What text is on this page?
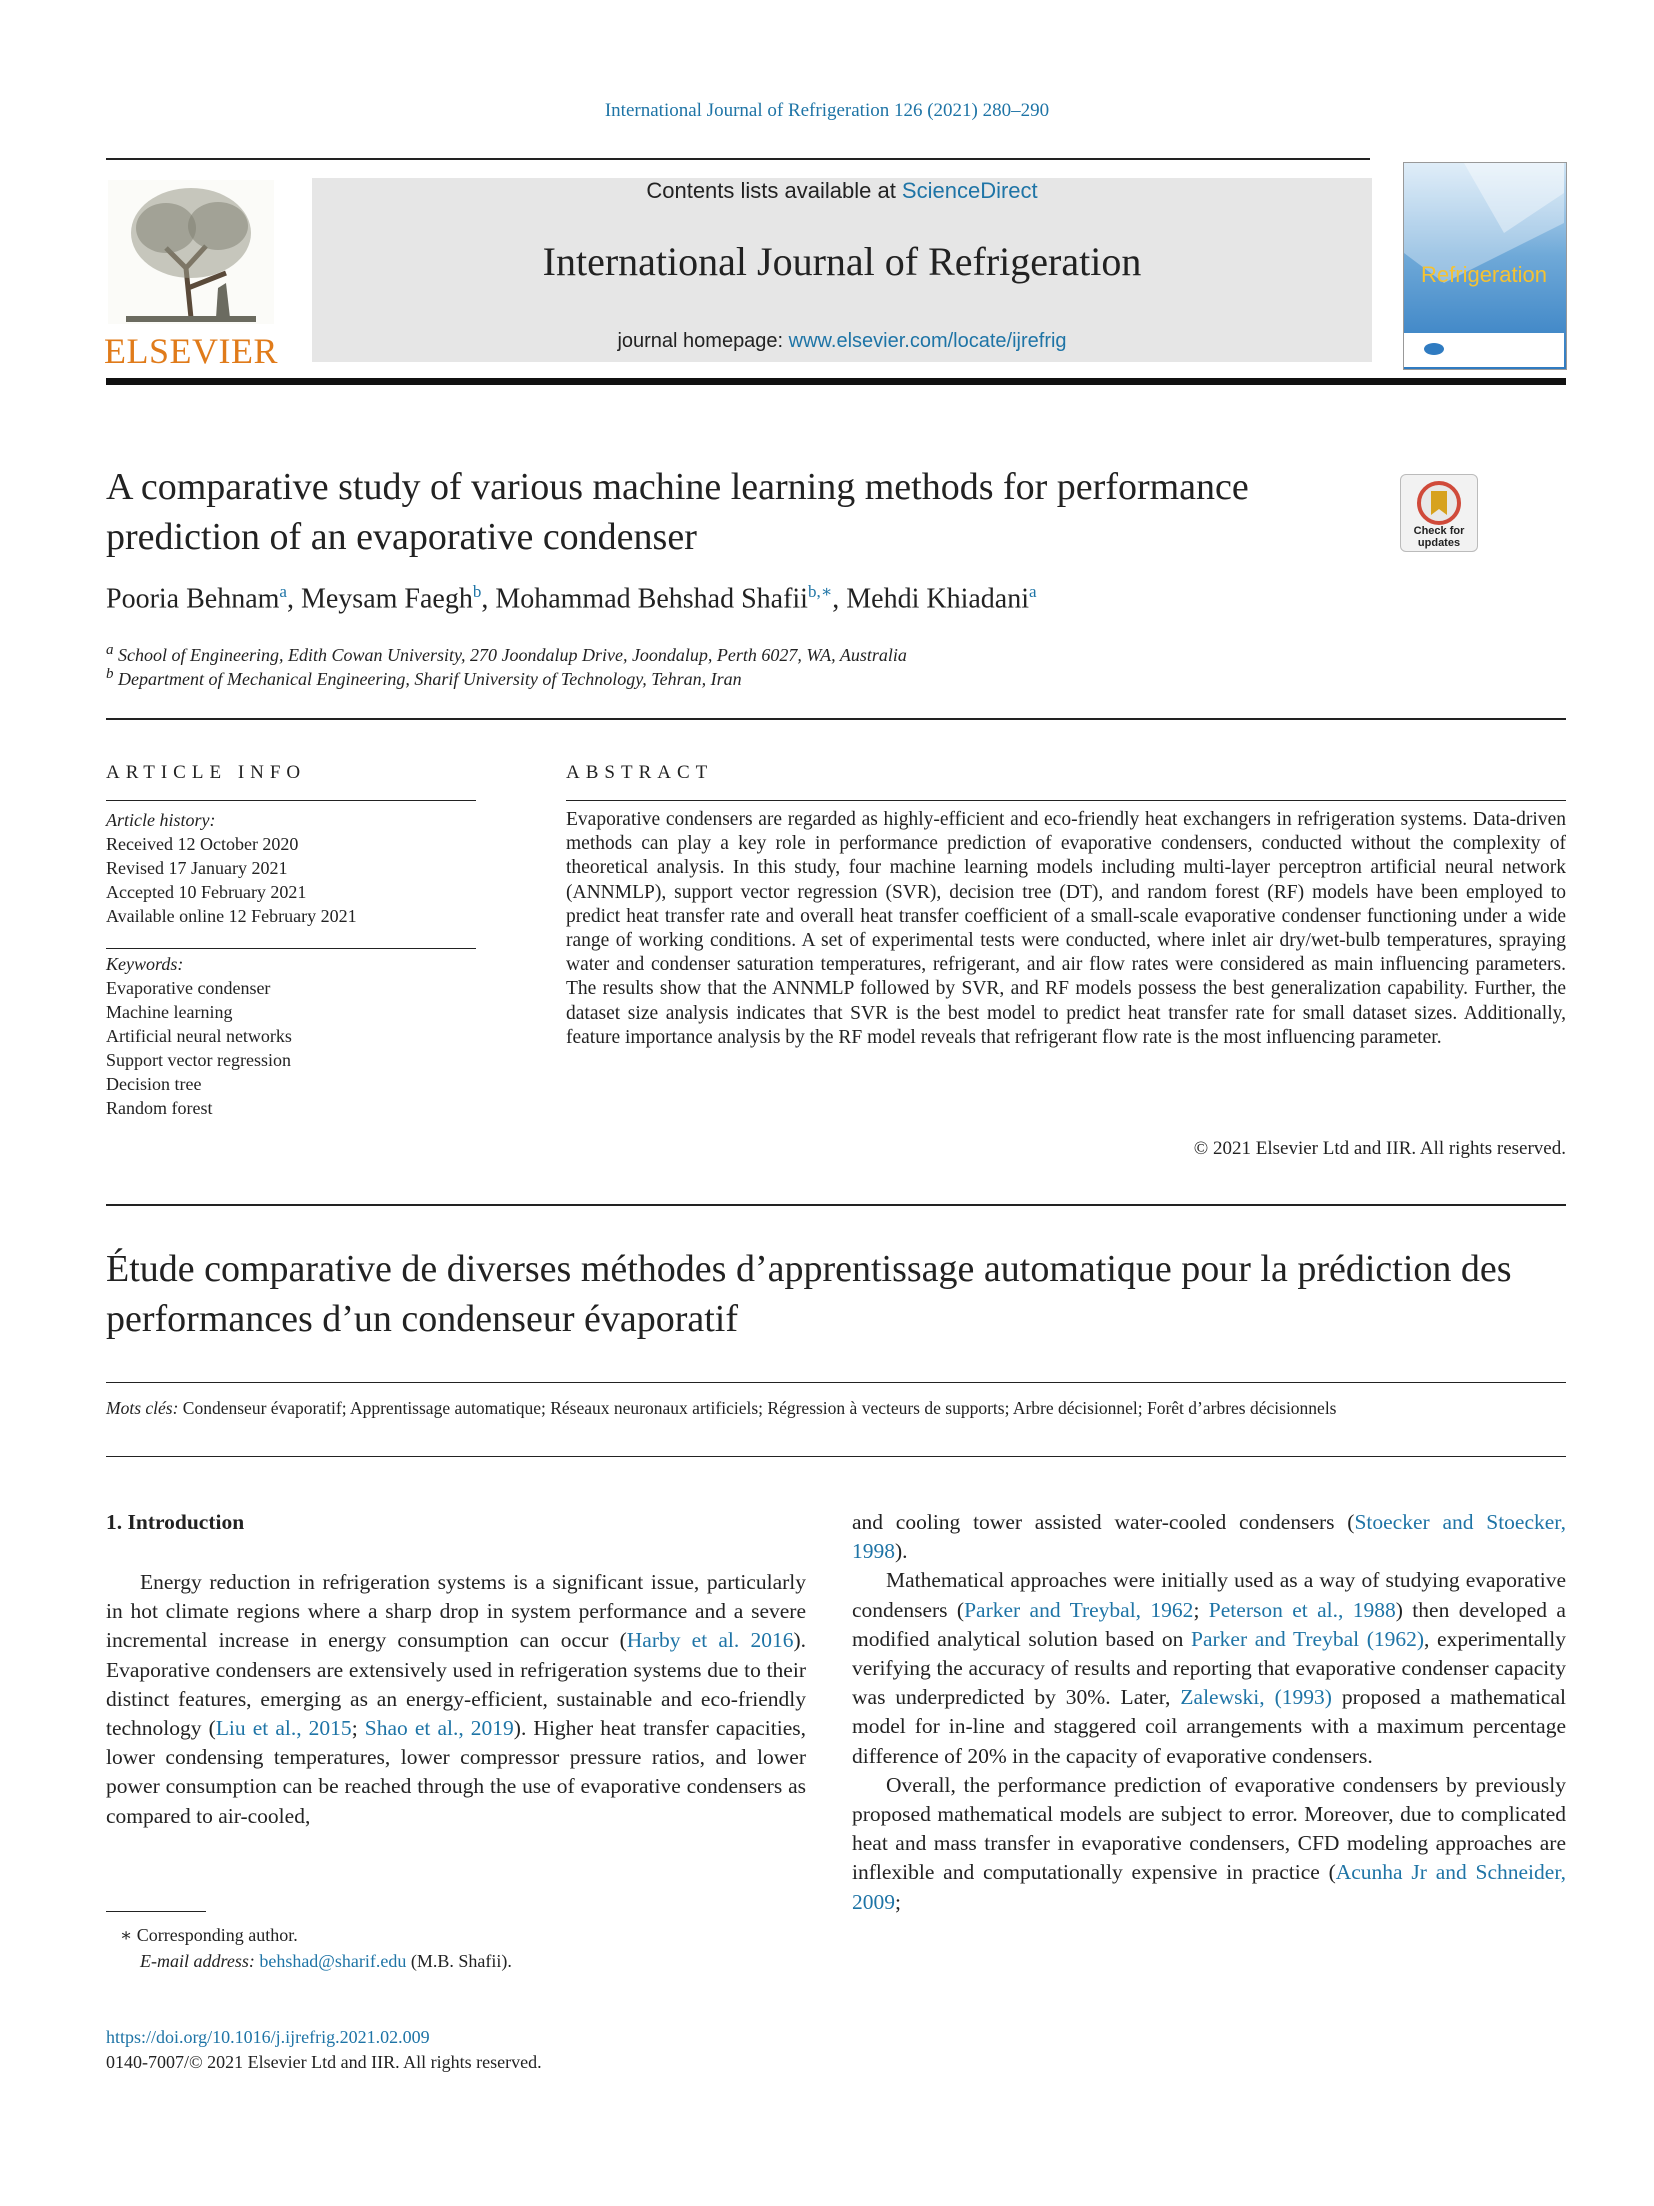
International Journal of Refrigeration 126 (2021) 280–290
ELSEVIER
Contents lists available at ScienceDirect
International Journal of Refrigeration
journal homepage: www.elsevier.com/locate/ijrefrig
Refrigeration
A comparative study of various machine learning methods for performance prediction of an evaporative condenser	Check for updates
Pooria Behnam$^a$, Meysam Faegh$^b$, Mohammad Behshad Shafii$^{b,∗}$, Mehdi Khiadani$^a$
$^a$ School of Engineering, Edith Cowan University, 270 Joondalup Drive, Joondalup, Perth 6027, WA, Australia
$^b$ Department of Mechanical Engineering, Sharif University of Technology, Tehran, Iran
ARTICLE INFO
Article history:
Received 12 October 2020
Revised 17 January 2021
Accepted 10 February 2021
Available online 12 February 2021
Keywords:
Evaporative condenser
Machine learning
Artificial neural networks
Support vector regression
Decision tree
Random forest
ABSTRACT
Evaporative condensers are regarded as highly-efficient and eco-friendly heat exchangers in refrigeration systems. Data-driven methods can play a key role in performance prediction of evaporative condensers, conducted without the complexity of theoretical analysis. In this study, four machine learning models including multi-layer perceptron artificial neural network (ANNMLP), support vector regression (SVR), decision tree (DT), and random forest (RF) models have been employed to predict heat transfer rate and overall heat transfer coefficient of a small-scale evaporative condenser functioning under a wide range of working conditions. A set of experimental tests were conducted, where inlet air dry/wet-bulb temperatures, spraying water and condenser saturation temperatures, refrigerant, and air flow rates were considered as main influencing parameters. The results show that the ANNMLP followed by SVR, and RF models possess the best generalization capability. Further, the dataset size analysis indicates that SVR is the best model to predict heat transfer rate for small dataset sizes. Additionally, feature importance analysis by the RF model reveals that refrigerant flow rate is the most influencing parameter.
© 2021 Elsevier Ltd and IIR. All rights reserved.
Étude comparative de diverses méthodes d’apprentissage automatique pour la prédiction des performances d’un condenseur évaporatif
Mots clés: Condenseur évaporatif; Apprentissage automatique; Réseaux neuronaux artificiels; Régression à vecteurs de supports; Arbre décisionnel; Forêt d’arbres décisionnels
1. Introduction

Energy reduction in refrigeration systems is a significant issue, particularly in hot climate regions where a sharp drop in system performance and a severe incremental increase in energy consumption can occur (Harby et al. 2016). Evaporative condensers are extensively used in refrigeration systems due to their distinct features, emerging as an energy-efficient, sustainable and eco-friendly technology (Liu et al., 2015; Shao et al., 2019). Higher heat transfer capacities, lower condensing temperatures, lower compressor pressure ratios, and lower power consumption can be reached through the use of evaporative condensers as compared to air-cooled,

and cooling tower assisted water-cooled condensers (Stoecker and Stoecker, 1998).

Mathematical approaches were initially used as a way of studying evaporative condensers (Parker and Treybal, 1962; Peterson et al., 1988) then developed a modified analytical solution based on Parker and Treybal (1962), experimentally verifying the accuracy of results and reporting that evaporative condenser capacity was underpredicted by 30%. Later, Zalewski, (1993) proposed a mathematical model for in-line and staggered coil arrangements with a maximum percentage difference of 20% in the capacity of evaporative condensers.

Overall, the performance prediction of evaporative condensers by previously proposed mathematical models are subject to error. Moreover, due to complicated heat and mass transfer in evaporative condensers, CFD modeling approaches are inflexible and computationally expensive in practice (Acunha Jr and Schneider, 2009;

∗ Corresponding author.
E-mail address: behshad@sharif.edu (M.B. Shafii).
https://doi.org/10.1016/j.ijrefrig.2021.02.009
0140-7007/© 2021 Elsevier Ltd and IIR. All rights reserved.
